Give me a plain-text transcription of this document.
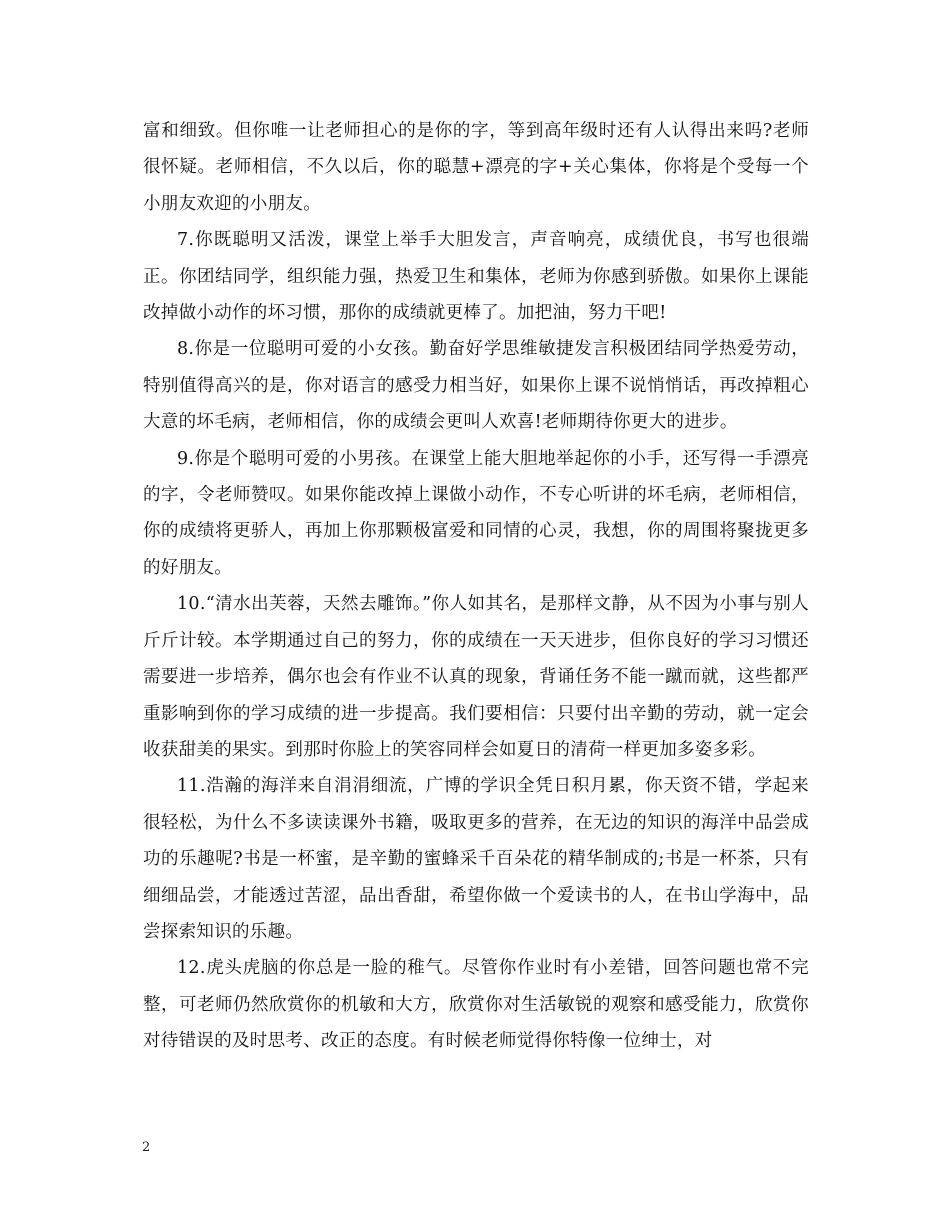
富和细致。但你唯一让老师担心的是你的字，等到高年级时还有人认得出来吗?老师很怀疑。老师相信，不久以后，你的聪慧+漂亮的字+关心集体，你将是个受每一个小朋友欢迎的小朋友。

7.你既聪明又活泼，课堂上举手大胆发言，声音响亮，成绩优良，书写也很端正。你团结同学，组织能力强，热爱卫生和集体，老师为你感到骄傲。如果你上课能改掉做小动作的坏习惯，那你的成绩就更棒了。加把油，努力干吧!

8.你是一位聪明可爱的小女孩。勤奋好学思维敏捷发言积极团结同学热爱劳动，特别值得高兴的是，你对语言的感受力相当好，如果你上课不说悄悄话，再改掉粗心大意的坏毛病，老师相信，你的成绩会更叫人欢喜!老师期待你更大的进步。

9.你是个聪明可爱的小男孩。在课堂上能大胆地举起你的小手，还写得一手漂亮的字，令老师赞叹。如果你能改掉上课做小动作，不专心听讲的坏毛病，老师相信，你的成绩将更骄人，再加上你那颗极富爱和同情的心灵，我想，你的周围将聚拢更多的好朋友。

10.“清水出芙蓉，天然去雕饰。”你人如其名，是那样文静，从不因为小事与别人斤斤计较。本学期通过自己的努力，你的成绩在一天天进步，但你良好的学习习惯还需要进一步培养，偶尔也会有作业不认真的现象，背诵任务不能一蹴而就，这些都严重影响到你的学习成绩的进一步提高。我们要相信：只要付出辛勤的劳动，就一定会收获甜美的果实。到那时你脸上的笑容同样会如夏日的清荷一样更加多姿多彩。

11.浩瀚的海洋来自涓涓细流，广博的学识全凭日积月累，你天资不错，学起来很轻松，为什么不多读读课外书籍，吸取更多的营养，在无边的知识的海洋中品尝成功的乐趣呢?书是一杯蜜，是辛勤的蜜蜂采千百朵花的精华制成的;书是一杯茶，只有细细品尝，才能透过苦涩，品出香甜，希望你做一个爱读书的人，在书山学海中，品尝探索知识的乐趣。

12.虎头虎脑的你总是一脸的稚气。尽管你作业时有小差错，回答问题也常不完整，可老师仍然欣赏你的机敏和大方，欣赏你对生活敏锐的观察和感受能力，欣赏你对待错误的及时思考、改正的态度。有时候老师觉得你特像一位绅士，对

2
